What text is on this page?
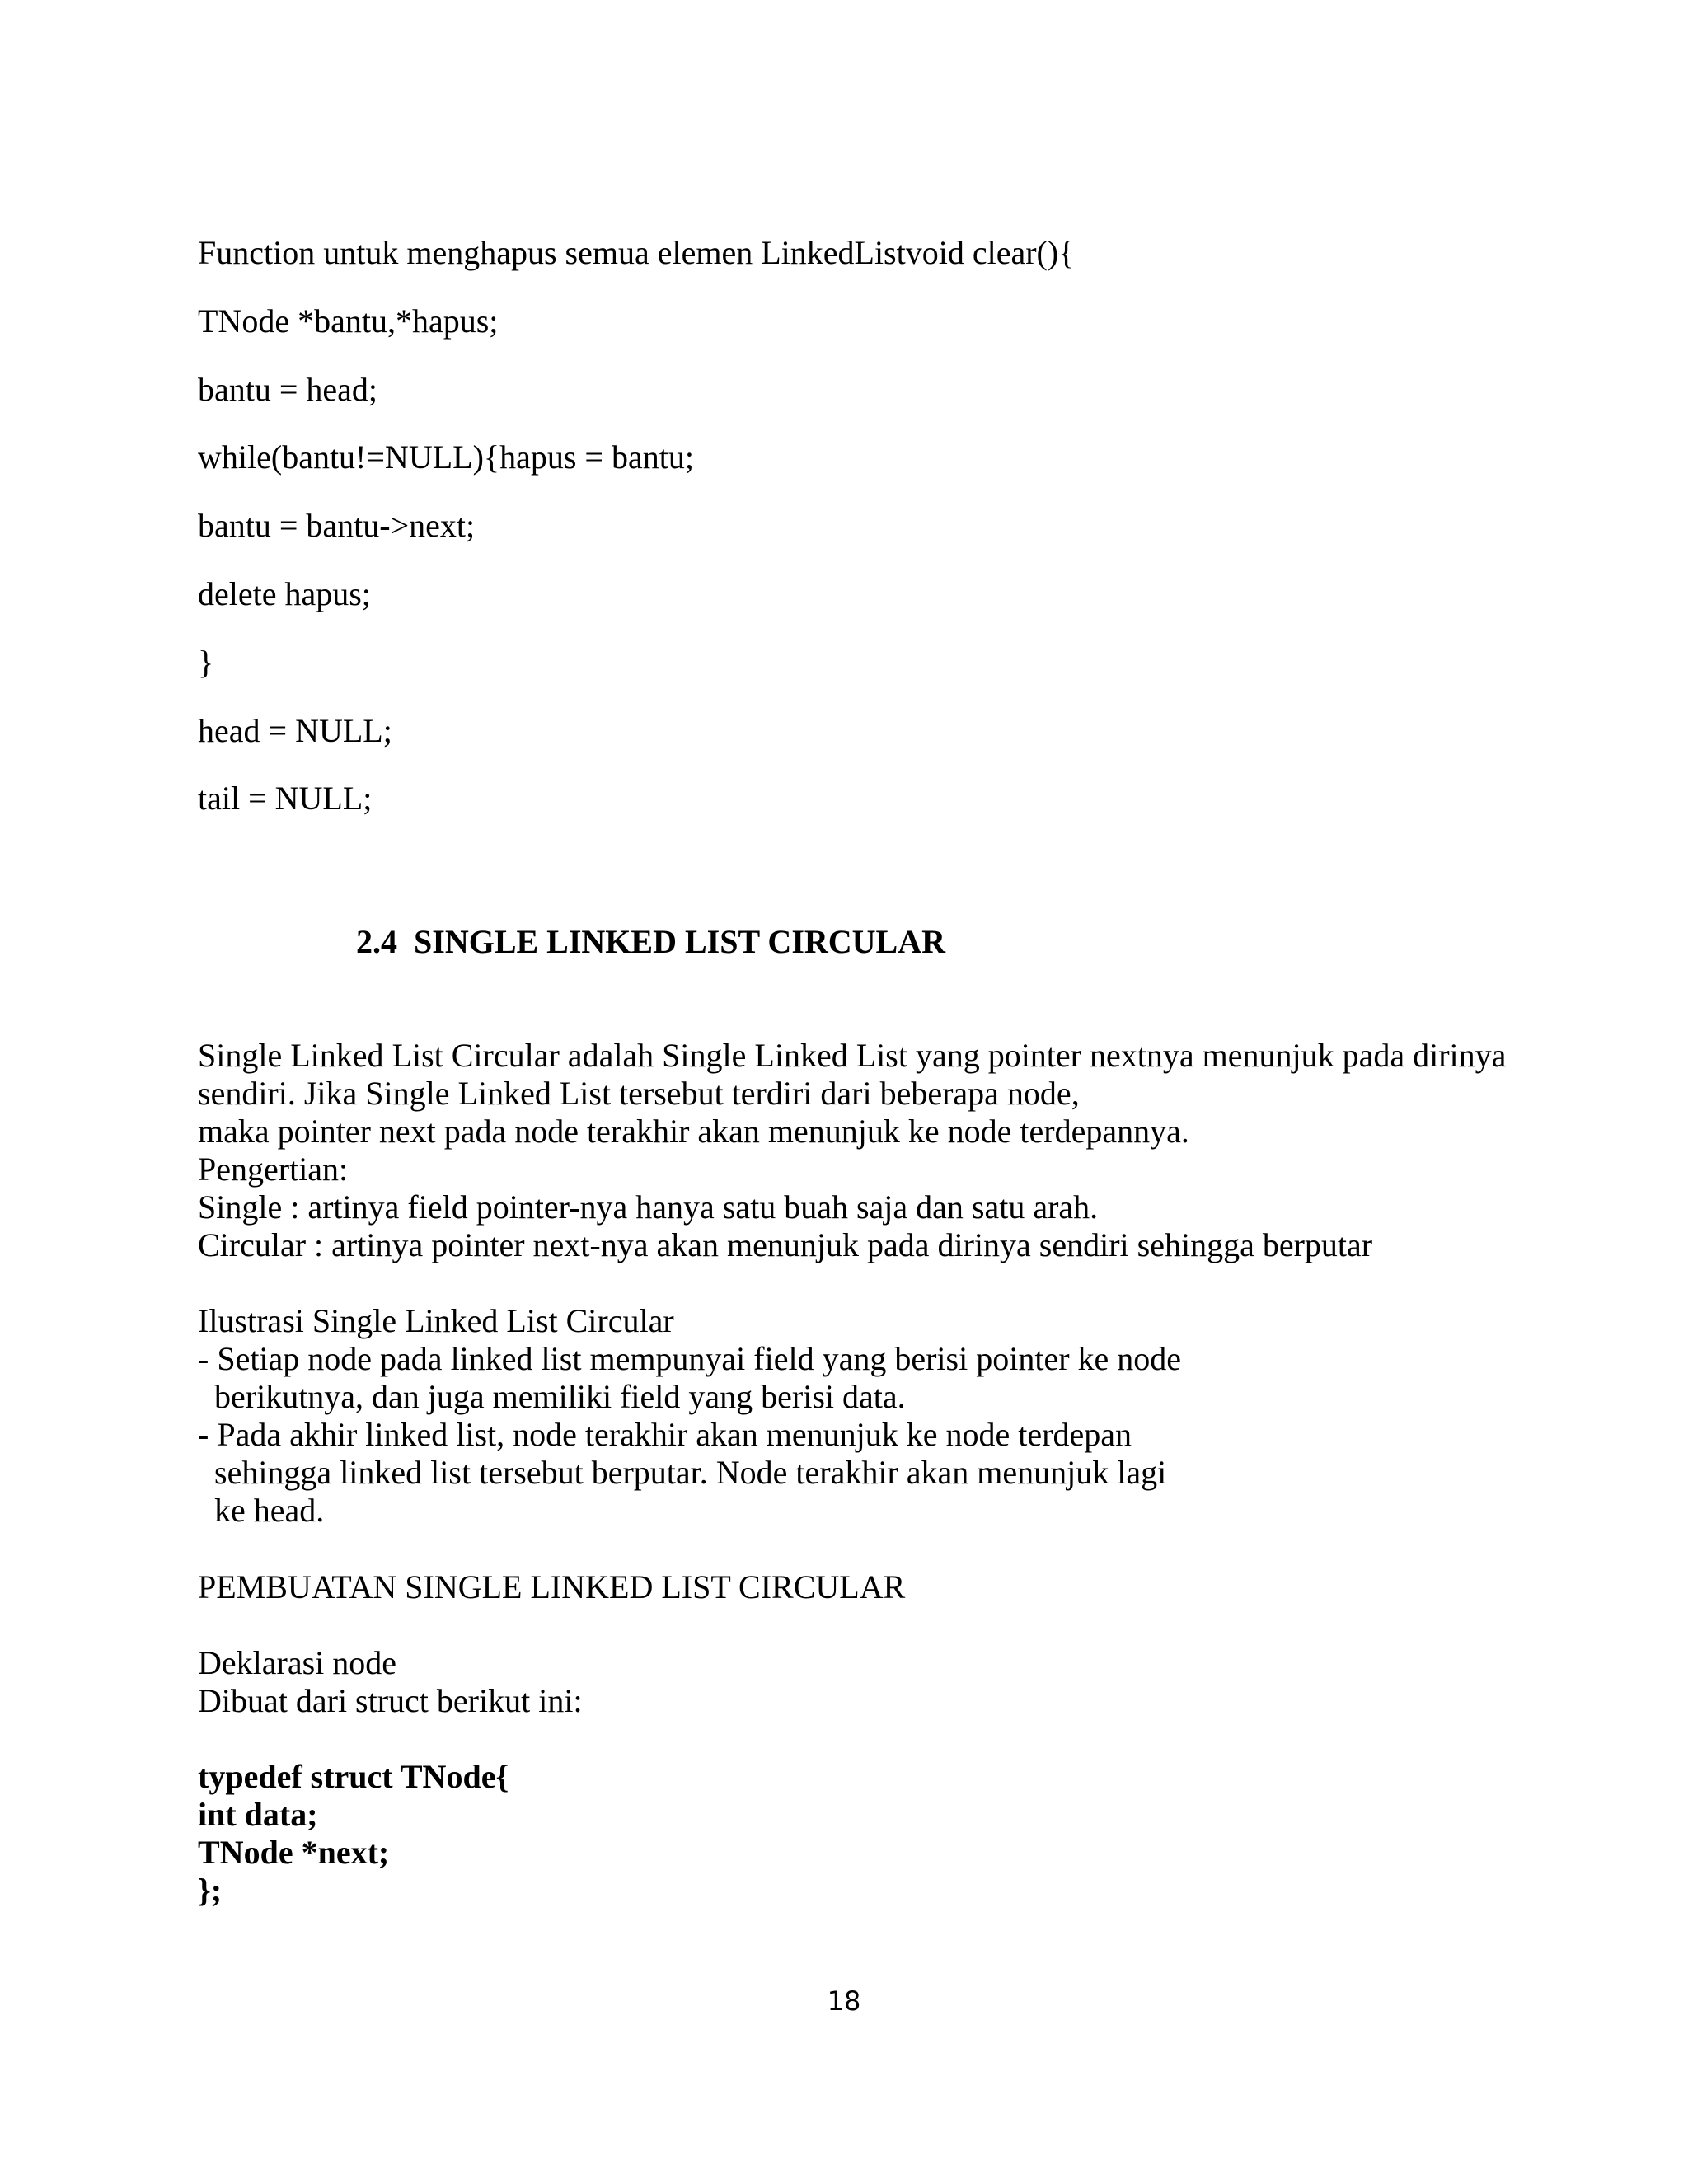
Function untuk menghapus semua elemen LinkedListvoid clear(){
TNode *bantu,*hapus;
bantu = head;
while(bantu!=NULL){hapus = bantu;
bantu = bantu->next;
delete hapus;
}
head = NULL;
tail = NULL;
2.4 SINGLE LINKED LIST CIRCULAR
Single Linked List Circular adalah Single Linked List yang pointer nextnya menunjuk pada dirinya
sendiri. Jika Single Linked List tersebut terdiri dari beberapa node,
maka pointer next pada node terakhir akan menunjuk ke node terdepannya.
Pengertian:
Single : artinya field pointer-nya hanya satu buah saja dan satu arah.
Circular : artinya pointer next-nya akan menunjuk pada dirinya sendiri sehingga berputar
Ilustrasi Single Linked List Circular
- Setiap node pada linked list mempunyai field yang berisi pointer ke node
berikutnya, dan juga memiliki field yang berisi data.
- Pada akhir linked list, node terakhir akan menunjuk ke node terdepan
sehingga linked list tersebut berputar. Node terakhir akan menunjuk lagi
ke head.
PEMBUATAN SINGLE LINKED LIST CIRCULAR
Deklarasi node
Dibuat dari struct berikut ini:
typedef struct TNode{
int data;
TNode *next;
};
18
